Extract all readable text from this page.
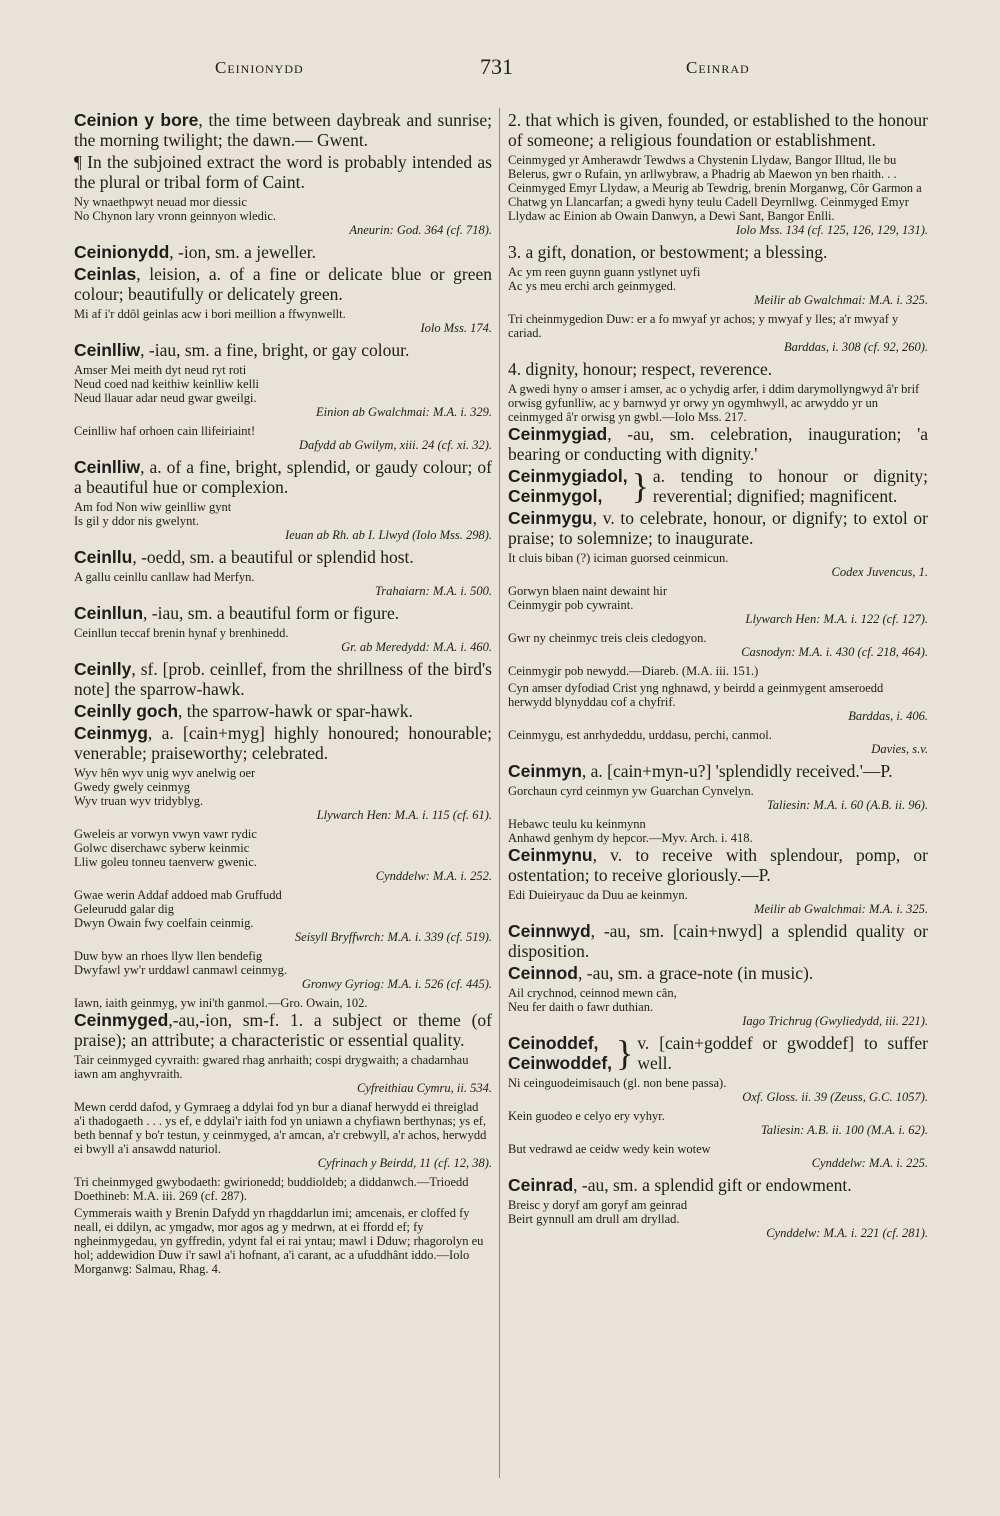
Ceinionydd	731	Ceinrad
Ceinion y bore, the time between daybreak and sunrise; the morning twilight; the dawn.— Gwent.
¶ In the subjoined extract the word is probably intended as the plural or tribal form of Caint.
Ny wnaethpwyt neuad mor diessic
No Chynon lary vronn geinnyon wledic.
Aneurin: God. 364 (cf. 718).
Ceinionydd, -ion, sm. a jeweller.
Ceinlas, leision, a. of a fine or delicate blue or green colour; beautifully or delicately green.
Mi af i'r ddôl geinlas acw i bori meillion a ffwynwellt.
Iolo Mss. 174.
Ceinlliw, -iau, sm. a fine, bright, or gay colour.
Amser Mei meith dyt neud ryt roti
Neud coed nad keithiw keinlliw kelli
Neud llauar adar neud gwar gweilgi.
Einion ab Gwalchmai: M.A. i. 329.
Ceinlliw haf orhoen cain llifeiriaint!
Dafydd ab Gwilym, xiii. 24 (cf. xi. 32).
Ceinlliw, a. of a fine, bright, splendid, or gaudy colour; of a beautiful hue or complexion.
Am fod Non wiw geinlliw gynt
Is gil y ddor nis gwelynt.
Ieuan ab Rh. ab I. Llwyd (Iolo Mss. 298).
Ceinllu, -oedd, sm. a beautiful or splendid host.
A gallu ceinllu canllaw had Merfyn.
Trahaiarn: M.A. i. 500.
Ceinllun, -iau, sm. a beautiful form or figure.
Ceinllun teccaf brenin hynaf y brenhinedd.
Gr. ab Meredydd: M.A. i. 460.
Ceinlly, sf. [prob. ceinllef, from the shrillness of the bird's note] the sparrow-hawk.
Ceinlly goch, the sparrow-hawk or spar-hawk.
Ceinmyg, a. [cain+myg] highly honoured; honourable; venerable; praiseworthy; celebrated.
Wyv hên wyv unig wyv anelwig oer
Gwedy gwely ceinmyg
Wyv truan wyv tridyblyg.
Llywarch Hen: M.A. i. 115 (cf. 61).
Gweleis ar vorwyn vwyn vawr rydic
Golwc diserchawc syberw keinmic
Lliw goleu tonneu taenverw gwenic.
Cynddelw: M.A. i. 252.
Gwae werin Addaf addoed mab Gruffudd
Geleurudd galar dig
Dwyn Owain fwy coelfain ceinmig.
Seisyll Bryffwrch: M.A. i. 339 (cf. 519).
Duw byw an rhoes llyw llen bendefig
Dwyfawl yw'r urddawl canmawl ceinmyg.
Gronwy Gyriog: M.A. i. 526 (cf. 445).
Iawn, iaith geinmyg, yw ini'th ganmol.—Gro. Owain, 102.
Ceinmyged,-au,-ion, sm-f. 1. a subject or theme (of praise); an attribute; a characteristic or essential quality.
Tair ceinmyged cyvraith: gwared rhag anrhaith; cospi drygwaith; a chadarnhau iawn am anghyvraith.
Cyfreithiau Cymru, ii. 534.
Mewn cerdd dafod, y Gymraeg a ddylai fod yn bur a dianaf herwydd ei threiglad a'i thadogaeth . . . ys ef, e ddylai'r iaith fod yn uniawn a chyfiawn berthynas; ys ef, beth bennaf y bo'r testun, y ceinmyged, a'r amcan, a'r crebwyll, a'r achos, herwydd ei bwyll a'i ansawdd naturiol.
Cyfrinach y Beirdd, 11 (cf. 12, 38).
Tri cheinmyged gwybodaeth: gwirionedd; buddioldeb; a diddanwch.—Trioedd Doethineb: M.A. iii. 269 (cf. 287).
Cymmerais waith y Brenin Dafydd yn rhagddarlun imi; amcenais, er cloffed fy neall, ei ddilyn, ac ymgadw, mor agos ag y medrwn, at ei ffordd ef; fy ngheinmygedau, yn gyffredin, ydynt fal ei rai yntau; mawl i Dduw; rhagorolyn eu hol; addewidion Duw i'r sawl a'i hofnant, a'i carant, ac a ufuddhânt iddo.—Iolo Morganwg: Salmau, Rhag. 4.
2. that which is given, founded, or established to the honour of someone; a religious foundation or establishment.
Ceinmyged yr Amherawdr Tewdws a Chystenin Llydaw, Bangor Illtud, lle bu Belerus, gwr o Rufain, yn arllwybraw, a Phadrig ab Maewon yn ben rhaith. . . Ceinmyged Emyr Llydaw, a Meurig ab Tewdrig, brenin Morganwg, Côr Garmon a Chatwg yn Llancarfan; a gwedi hyny teulu Cadell Deyrnllwg. Ceinmyged Emyr Llydaw ac Einion ab Owain Danwyn, a Dewi Sant, Bangor Enlli.
Iolo Mss. 134 (cf. 125, 126, 129, 131).
3. a gift, donation, or bestowment; a blessing.
Ac ym reen guynn guann ystlynet uyfi
Ac ys meu erchi arch geinmyged.
Meilir ab Gwalchmai: M.A. i. 325.
Tri cheinmygedion Duw: er a fo mwyaf yr achos; y mwyaf y lles; a'r mwyaf y cariad.
Barddas, i. 308 (cf. 92, 260).
4. dignity, honour; respect, reverence.
A gwedi hyny o amser i amser, ac o ychydig arfer, i ddim darymollyngwyd â'r brif orwisg gyfunlliw, ac y barnwyd yr orwy yn ogymhwyll, ac arwyddo yr un ceinmyged â'r orwisg yn gwbl.—Iolo Mss. 217.
Ceinmygiad, -au, sm. celebration, inauguration; 'a bearing or conducting with dignity.'
Ceinmygiadol,
Ceinmygol, } a. tending to honour or dignity; reverential; dignified; magnificent.
Ceinmygu, v. to celebrate, honour, or dignify; to extol or praise; to solemnize; to inaugurate.
It cluis biban (?) iciman guorsed ceinmicun.
Codex Juvencus, 1.
Gorwyn blaen naint dewaint hir
Ceinmygir pob cywraint.
Llywarch Hen: M.A. i. 122 (cf. 127).
Gwr ny cheinmyc treis cleis cledogyon.
Casnodyn: M.A. i. 430 (cf. 218, 464).
Ceinmygir pob newydd.—Diareb. (M.A. iii. 151.)
Cyn amser dyfodiad Crist yng nghnawd, y beirdd a geinmygent amseroedd herwydd blynyddau cof a chyfrif.
Barddas, i. 406.
Ceinmygu, est anrhydeddu, urddasu, perchi, canmol.
Davies, s.v.
Ceinmyn, a. [cain+myn-u?] 'splendidly received.'—P.
Gorchaun cyrd ceinmyn yw Guarchan Cynvelyn.
Taliesin: M.A. i. 60 (A.B. ii. 96).
Hebawc teulu ku keinmynn
Anhawd genhym dy hepcor.—Myv. Arch. i. 418.
Ceinmynu, v. to receive with splendour, pomp, or ostentation; to receive gloriously.—P.
Edi Duieiryauc da Duu ae keinmyn.
Meilir ab Gwalchmai: M.A. i. 325.
Ceinnwyd, -au, sm. [cain+nwyd] a splendid quality or disposition.
Ceinnod, -au, sm. a grace-note (in music).
Ail crychnod, ceinnod mewn cân,
Neu fer daith o fawr duthian.
Iago Trichrug (Gwyliedydd, iii. 221).
Ceinoddef,
Ceinwoddef, } v. [cain+goddef or gwoddef] to suffer well.
Ni ceinguodeimisauch (gl. non bene passa).
Oxf. Gloss. ii. 39 (Zeuss, G.C. 1057).
Kein guodeo e celyo ery vyhyr.
Taliesin: A.B. ii. 100 (M.A. i. 62).
But vedrawd ae ceidw wedy kein wotew
Cynddelw: M.A. i. 225.
Ceinrad, -au, sm. a splendid gift or endowment.
Breisc y doryf am goryf am geinrad
Beirt gynnull am drull am dryllad.
Cynddelw: M.A. i. 221 (cf. 281).
